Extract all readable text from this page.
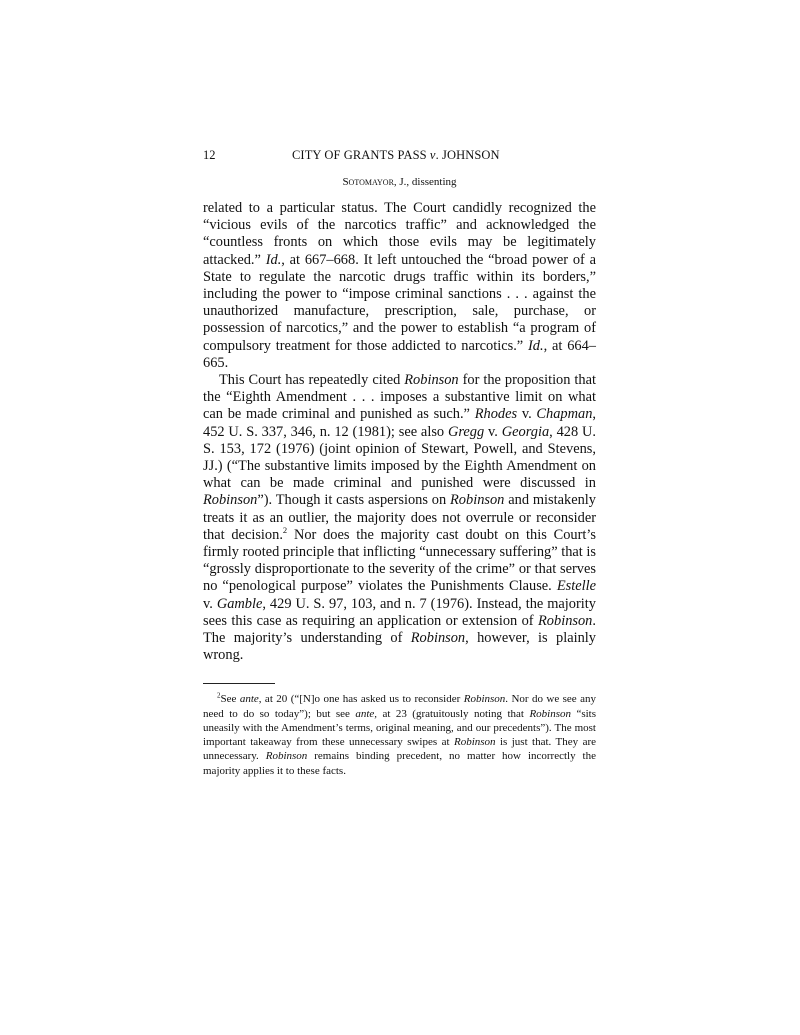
12	CITY OF GRANTS PASS v. JOHNSON
Sotomayor, J., dissenting

related to a particular status. The Court candidly recognized the “vicious evils of the narcotics traffic” and acknowledged the “countless fronts on which those evils may be legitimately attacked.” Id., at 667–668. It left untouched the “broad power of a State to regulate the narcotic drugs traffic within its borders,” including the power to “impose criminal sanctions . . . against the unauthorized manufacture, prescription, sale, purchase, or possession of narcotics,” and the power to establish “a program of compulsory treatment for those addicted to narcotics.” Id., at 664–665.

This Court has repeatedly cited Robinson for the proposition that the “Eighth Amendment . . . imposes a substantive limit on what can be made criminal and punished as such.” Rhodes v. Chapman, 452 U. S. 337, 346, n. 12 (1981); see also Gregg v. Georgia, 428 U. S. 153, 172 (1976) (joint opinion of Stewart, Powell, and Stevens, JJ.) (“The substantive limits imposed by the Eighth Amendment on what can be made criminal and punished were discussed in Robinson”). Though it casts aspersions on Robinson and mistakenly treats it as an outlier, the majority does not overrule or reconsider that decision.$^2$ Nor does the majority cast doubt on this Court’s firmly rooted principle that inflicting “unnecessary suffering” that is “grossly disproportionate to the severity of the crime” or that serves no “penological purpose” violates the Punishments Clause. Estelle v. Gamble, 429 U. S. 97, 103, and n. 7 (1976). Instead, the majority sees this case as requiring an application or extension of Robinson. The majority’s understanding of Robinson, however, is plainly wrong.

$^2$See ante, at 20 (“[N]o one has asked us to reconsider Robinson. Nor do we see any need to do so today”); but see ante, at 23 (gratuitously noting that Robinson “sits uneasily with the Amendment’s terms, original meaning, and our precedents”). The most important takeaway from these unnecessary swipes at Robinson is just that. They are unnecessary. Robinson remains binding precedent, no matter how incorrectly the majority applies it to these facts.
